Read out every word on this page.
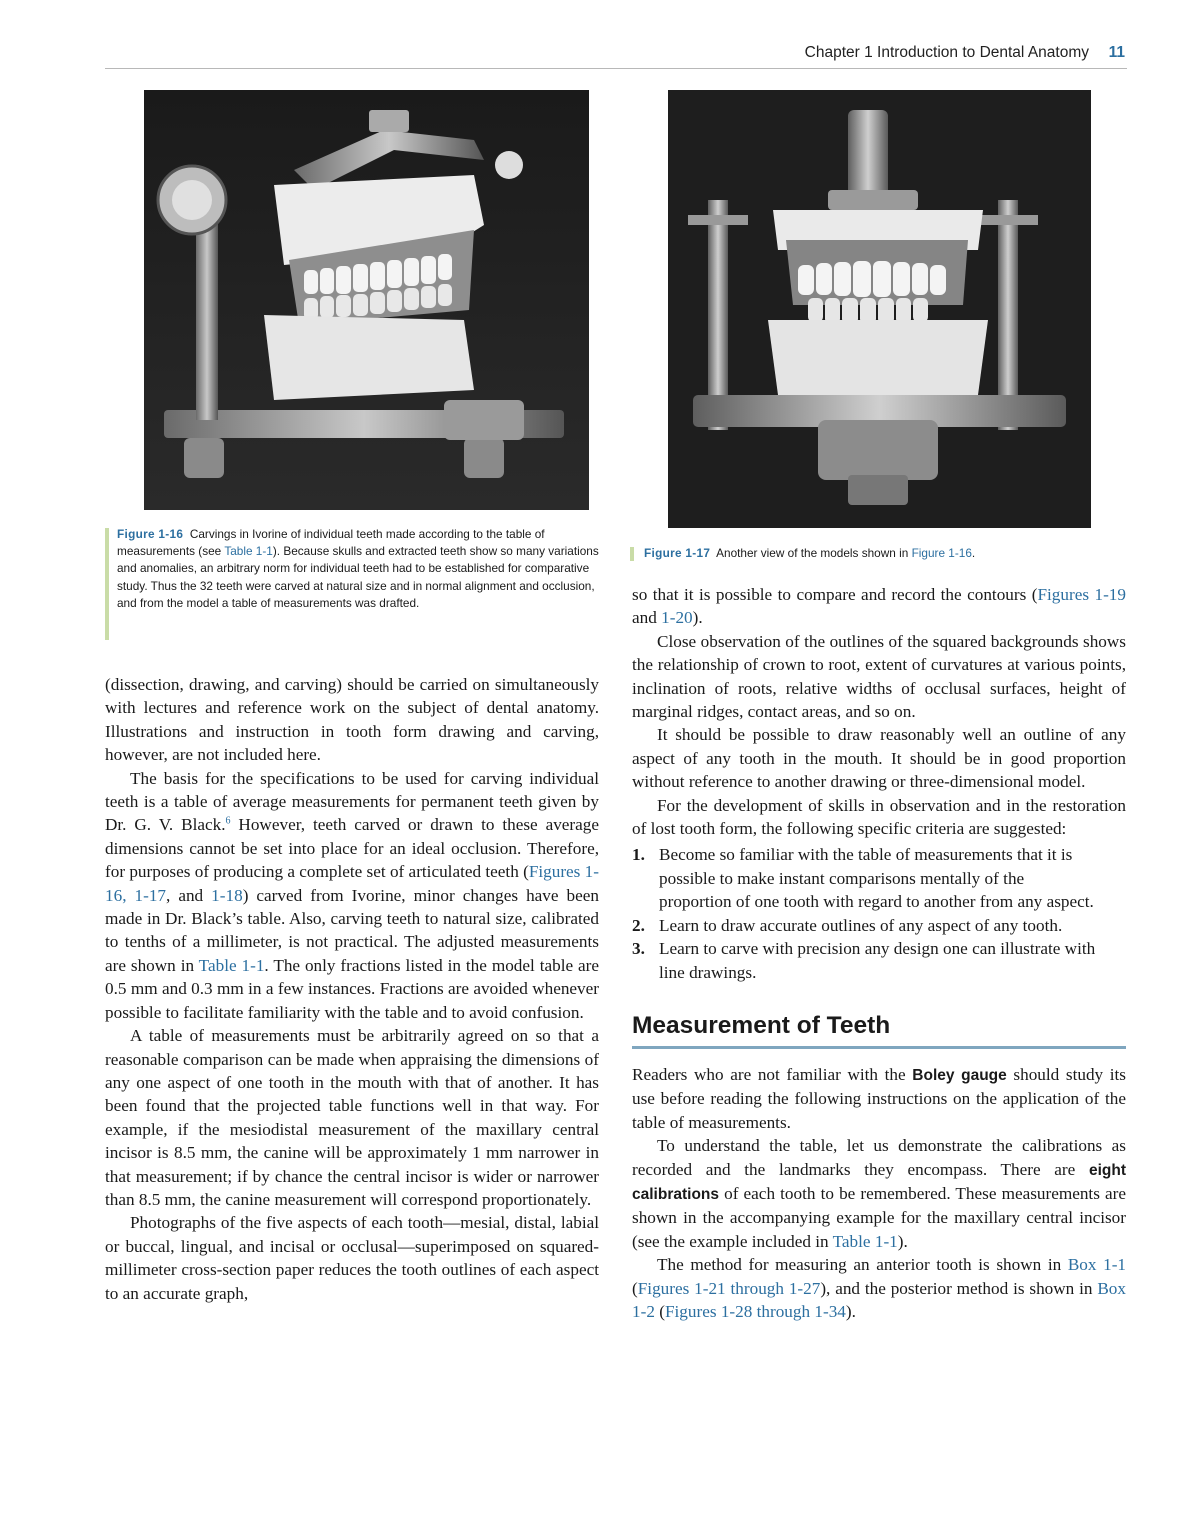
Chapter 1 Introduction to Dental Anatomy 11
Figure 1-16 Carvings in Ivorine of individual teeth made according to the table of measurements (see Table 1-1). Because skulls and extracted teeth show so many variations and anomalies, an arbitrary norm for individual teeth had to be established for comparative study. Thus the 32 teeth were carved at natural size and in normal alignment and occlusion, and from the model a table of measurements was drafted.
Figure 1-17 Another view of the models shown in Figure 1-16.

(dissection, drawing, and carving) should be carried on simultaneously with lectures and reference work on the subject of dental anatomy. Illustrations and instruction in tooth form drawing and carving, however, are not included here.

The basis for the specifications to be used for carving individual teeth is a table of average measurements for permanent teeth given by Dr. G. V. Black.$^6$ However, teeth carved or drawn to these average dimensions cannot be set into place for an ideal occlusion. Therefore, for purposes of producing a complete set of articulated teeth (Figures 1-16, 1-17, and 1-18) carved from Ivorine, minor changes have been made in Dr. Black’s table. Also, carving teeth to natural size, calibrated to tenths of a millimeter, is not practical. The adjusted measurements are shown in Table 1-1. The only fractions listed in the model table are 0.5 mm and 0.3 mm in a few instances. Fractions are avoided whenever possible to facilitate familiarity with the table and to avoid confusion.

A table of measurements must be arbitrarily agreed on so that a reasonable comparison can be made when appraising the dimensions of any one aspect of one tooth in the mouth with that of another. It has been found that the projected table functions well in that way. For example, if the mesiodistal measurement of the maxillary central incisor is 8.5 mm, the canine will be approximately 1 mm narrower in that measurement; if by chance the central incisor is wider or narrower than 8.5 mm, the canine measurement will correspond proportionately.

Photographs of the five aspects of each tooth—mesial, distal, labial or buccal, lingual, and incisal or occlusal—superimposed on squared-millimeter cross-section paper reduces the tooth outlines of each aspect to an accurate graph,

so that it is possible to compare and record the contours (Figures 1-19 and 1-20).

Close observation of the outlines of the squared backgrounds shows the relationship of crown to root, extent of curvatures at various points, inclination of roots, relative widths of occlusal surfaces, height of marginal ridges, contact areas, and so on.

It should be possible to draw reasonably well an outline of any aspect of any tooth in the mouth. It should be in good proportion without reference to another drawing or three-dimensional model.

For the development of skills in observation and in the restoration of lost tooth form, the following specific criteria are suggested:

1. Become so familiar with the table of measurements that it is possible to make instant comparisons mentally of the proportion of one tooth with regard to another from any aspect.
2. Learn to draw accurate outlines of any aspect of any tooth.
3. Learn to carve with precision any design one can illustrate with line drawings.
Measurement of Teeth

Readers who are not familiar with the Boley gauge should study its use before reading the following instructions on the application of the table of measurements.

To understand the table, let us demonstrate the calibrations as recorded and the landmarks they encompass. There are eight calibrations of each tooth to be remembered. These measurements are shown in the accompanying example for the maxillary central incisor (see the example included in Table 1-1).

The method for measuring an anterior tooth is shown in Box 1-1 (Figures 1-21 through 1-27), and the posterior method is shown in Box 1-2 (Figures 1-28 through 1-34).
